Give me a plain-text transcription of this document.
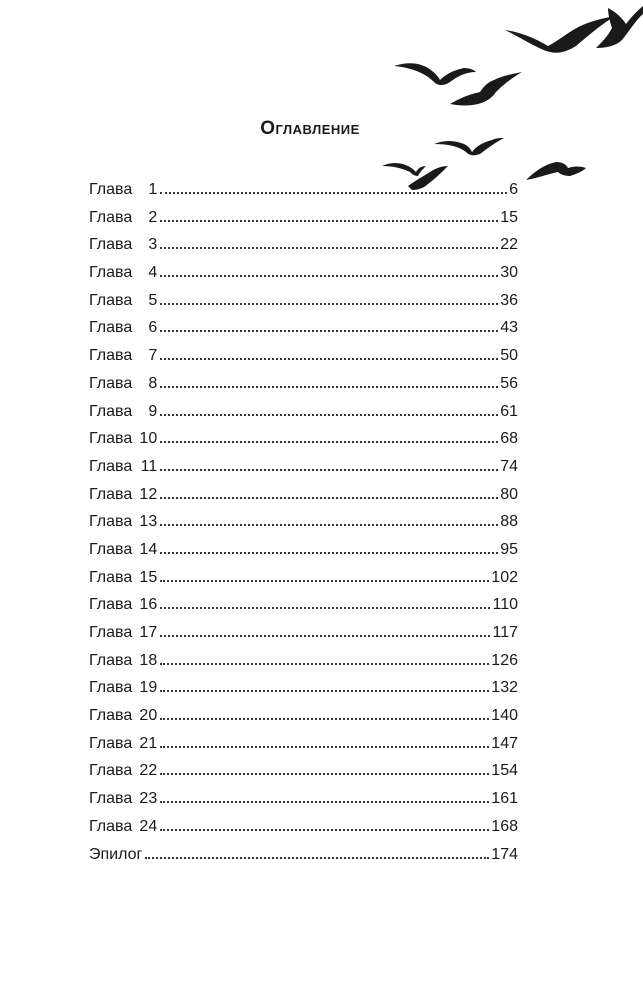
Оглавление
Глава	1	6
Глава	2	15
Глава	3	22
Глава	4	30
Глава	5	36
Глава	6	43
Глава	7	50
Глава	8	56
Глава	9	61
Глава 10	68
Глава 11	74
Глава 12	80
Глава 13	88
Глава 14	95
Глава 15	102
Глава 16	110
Глава 17	117
Глава 18	126
Глава 19	132
Глава 20	140
Глава 21	147
Глава 22	154
Глава 23	161
Глава 24	168
Эпилог	174
